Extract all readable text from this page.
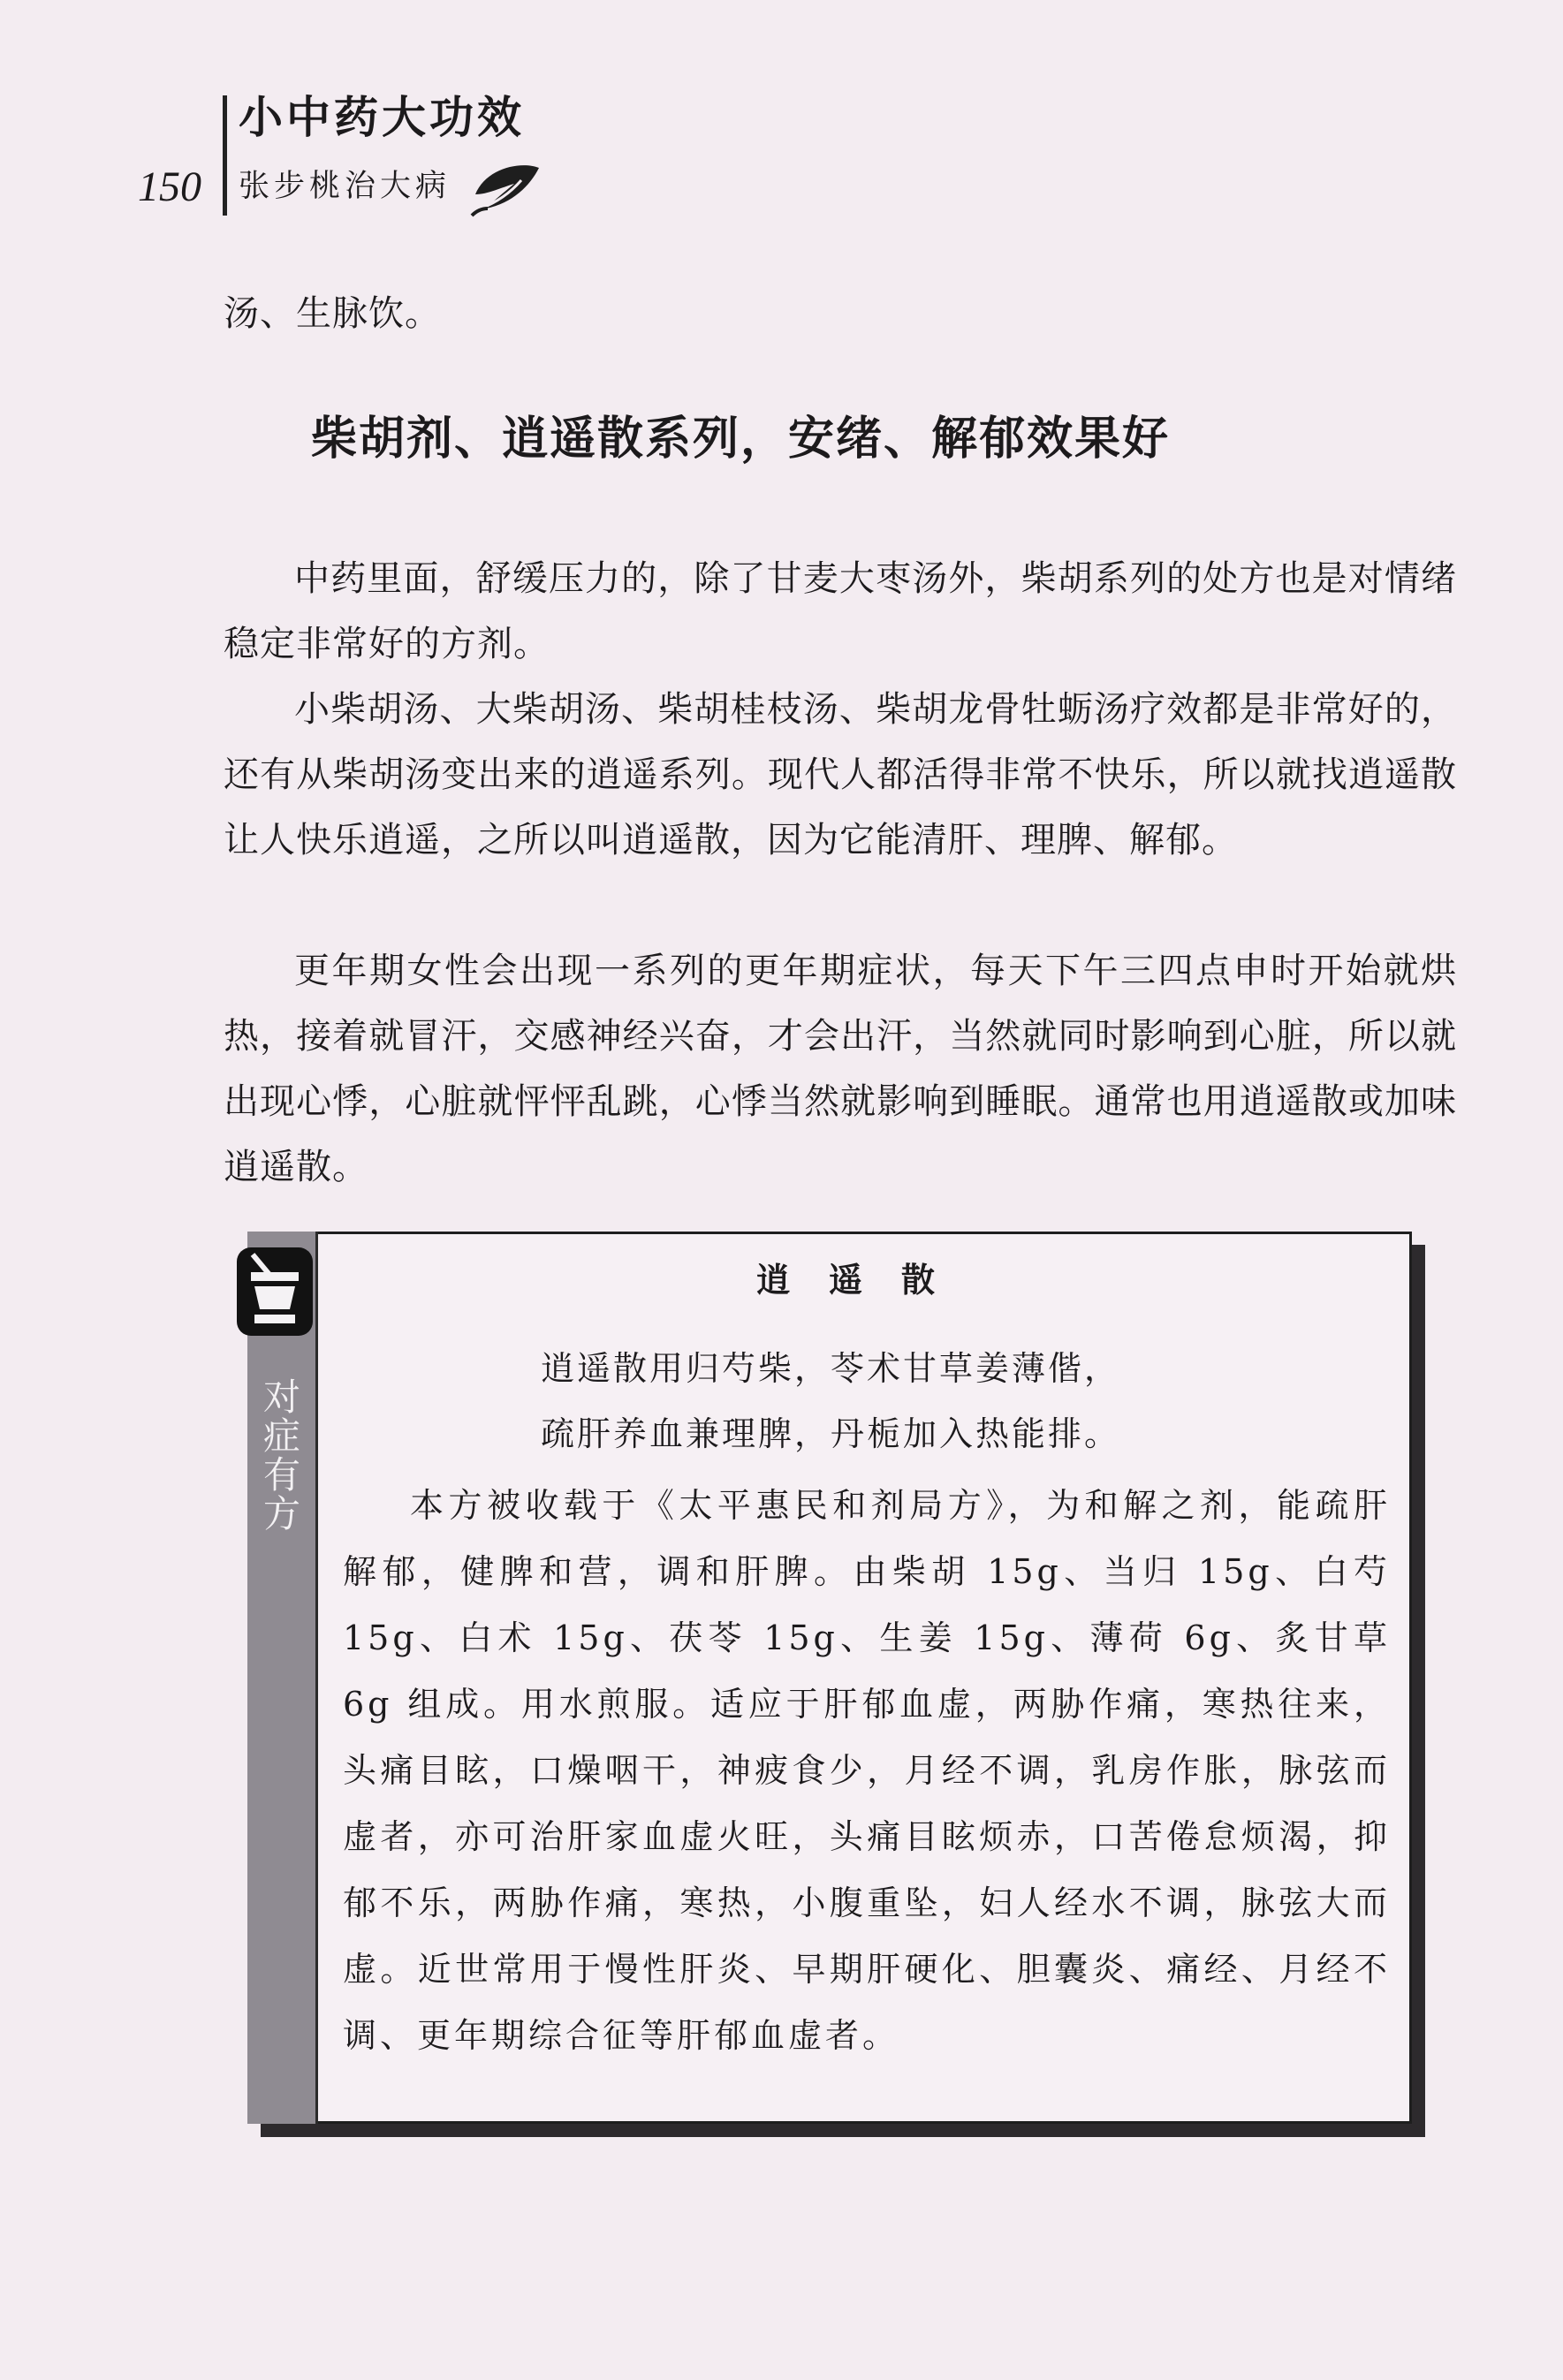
150
小中药大功效
张步桃治大病

汤、生脉饮。

柴胡剂、逍遥散系列，安绪、解郁效果好

中药里面，舒缓压力的，除了甘麦大枣汤外，柴胡系列的处方也是对情绪稳定非常好的方剂。

小柴胡汤、大柴胡汤、柴胡桂枝汤、柴胡龙骨牡蛎汤疗效都是非常好的，还有从柴胡汤变出来的逍遥系列。现代人都活得非常不快乐，所以就找逍遥散让人快乐逍遥，之所以叫逍遥散，因为它能清肝、理脾、解郁。

更年期女性会出现一系列的更年期症状，每天下午三四点申时开始就烘热，接着就冒汗，交感神经兴奋，才会出汗，当然就同时影响到心脏，所以就出现心悸，心脏就怦怦乱跳，心悸当然就影响到睡眠。通常也用逍遥散或加味逍遥散。

对症有方
逍遥散

逍遥散用归芍柴，苓术甘草姜薄偕，

疏肝养血兼理脾，丹栀加入热能排。

本方被收载于《太平惠民和剂局方》，为和解之剂，能疏肝解郁，健脾和营，调和肝脾。由柴胡 15g、当归 15g、白芍 15g、白术 15g、茯苓 15g、生姜 15g、薄荷 6g、炙甘草 6g 组成。用水煎服。适应于肝郁血虚，两胁作痛，寒热往来，头痛目眩，口燥咽干，神疲食少，月经不调，乳房作胀，脉弦而虚者，亦可治肝家血虚火旺，头痛目眩烦赤，口苦倦怠烦渴，抑郁不乐，两胁作痛，寒热，小腹重坠，妇人经水不调，脉弦大而虚。近世常用于慢性肝炎、早期肝硬化、胆囊炎、痛经、月经不调、更年期综合征等肝郁血虚者。
